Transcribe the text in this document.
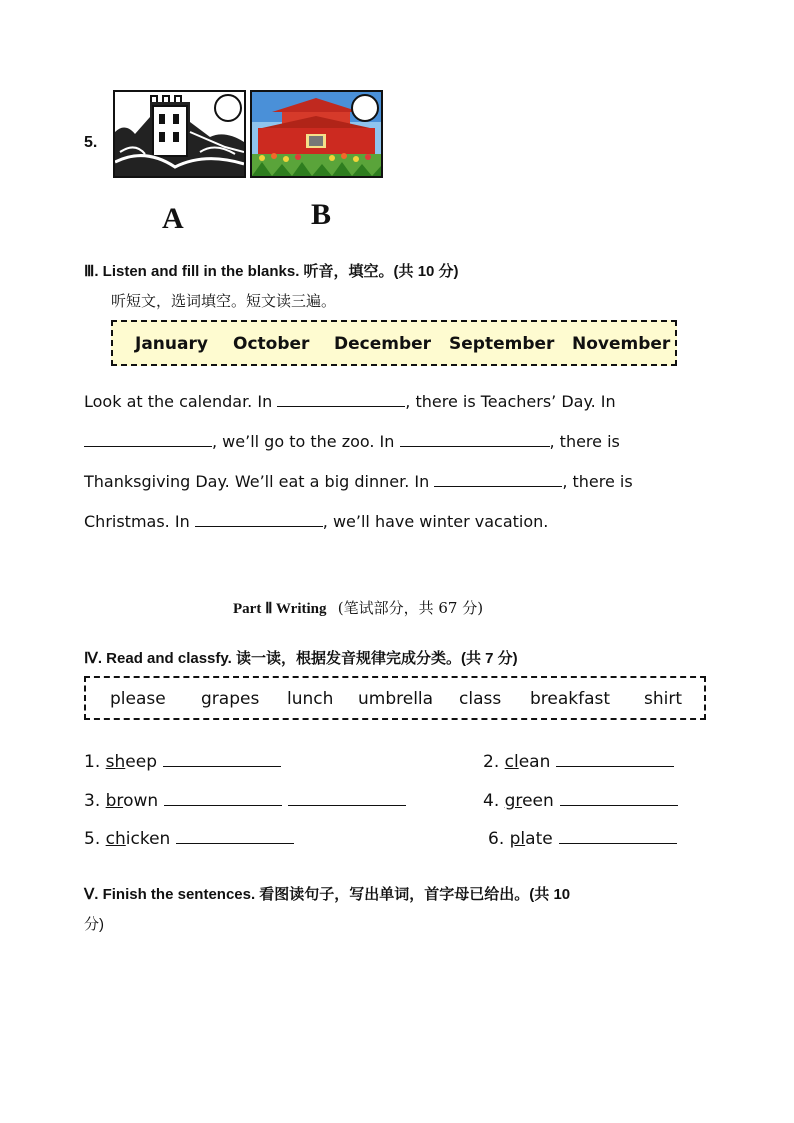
5.
A	B
Ⅲ. Listen and fill in the blanks. 听音，填空。(共 10 分)
听短文，选词填空。短文读三遍。
January October December September November
Look at the calendar. In	, there is Teachers’ Day. In
, we’ll go to the zoo. In	, there is
Thanksgiving Day. We’ll eat a big dinner. In	, there is
Christmas. In	, we’ll have winter vacation.
Part Ⅱ Writing (笔试部分，共 67 分)
Ⅳ. Read and classfy. 读一读，根据发音规律完成分类。(共 7 分)
please grapes lunch umbrella class breakfast shirt
1. sheep	2. clean
3. brown	4. green
5. chicken	6. plate
Ⅴ. Finish the sentences. 看图读句子，写出单词，首字母已给出。(共 10
分)
